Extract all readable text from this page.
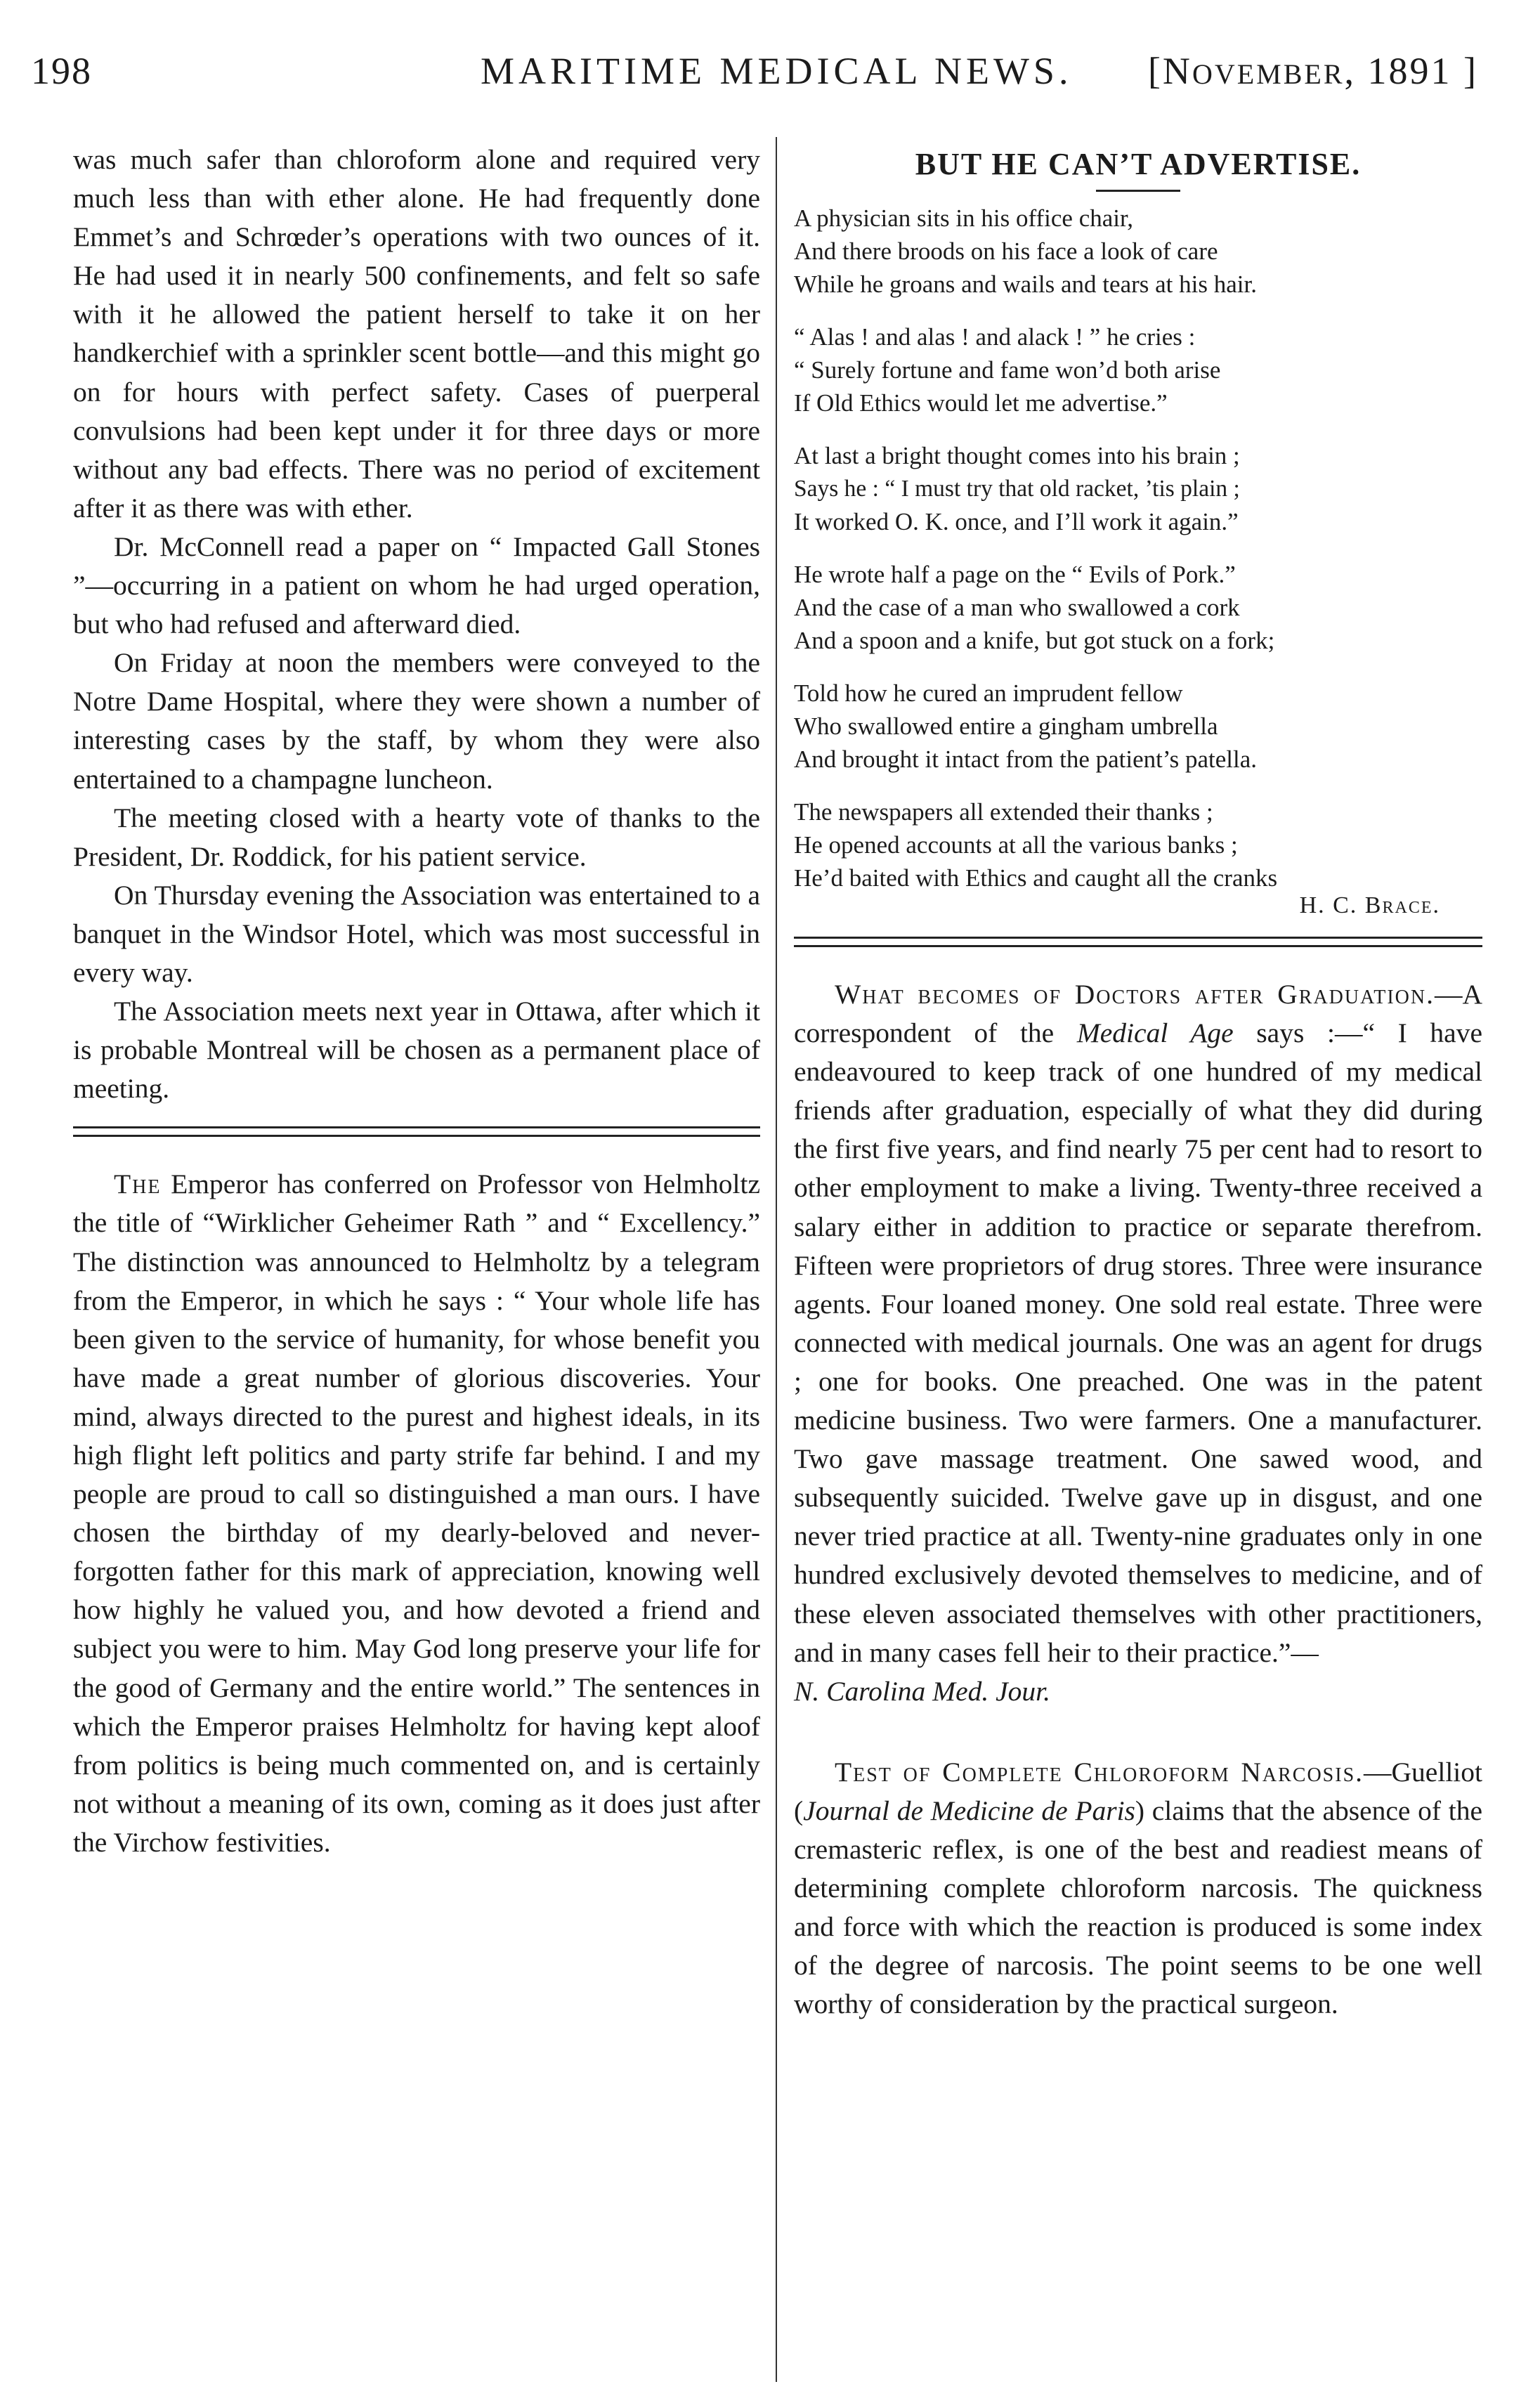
198	MARITIME MEDICAL NEWS. [NOVEMBER, 1891 ]

was much safer than chloroform alone and required very much less than with ether alone. He had frequently done Emmet’s and Schrœder’s operations with two ounces of it. He had used it in nearly 500 confinements, and felt so safe with it he allowed the patient herself to take it on her handkerchief with a sprinkler scent bottle—and this might go on for hours with perfect safety. Cases of puerperal convulsions had been kept under it for three days or more without any bad effects. There was no period of excitement after it as there was with ether.

Dr. McConnell read a paper on “ Impacted Gall Stones ”—occurring in a patient on whom he had urged operation, but who had refused and afterward died.

On Friday at noon the members were conveyed to the Notre Dame Hospital, where they were shown a number of interesting cases by the staff, by whom they were also entertained to a champagne luncheon.

The meeting closed with a hearty vote of thanks to the President, Dr. Roddick, for his patient service.

On Thursday evening the Association was entertained to a banquet in the Windsor Hotel, which was most successful in every way.

The Association meets next year in Ottawa, after which it is probable Montreal will be chosen as a permanent place of meeting.

The Emperor has conferred on Professor von Helmholtz the title of “Wirklicher Geheimer Rath ” and “ Excellency.” The distinction was announced to Helmholtz by a telegram from the Emperor, in which he says : “ Your whole life has been given to the service of humanity, for whose benefit you have made a great number of glorious discoveries. Your mind, always directed to the purest and highest ideals, in its high flight left politics and party strife far behind. I and my people are proud to call so distinguished a man ours. I have chosen the birthday of my dearly-beloved and never-forgotten father for this mark of appreciation, knowing well how highly he valued you, and how devoted a friend and subject you were to him. May God long preserve your life for the good of Germany and the entire world.” The sentences in which the Emperor praises Helmholtz for having kept aloof from politics is being much commented on, and is certainly not without a meaning of its own, coming as it does just after the Virchow festivities.

BUT HE CAN’T ADVERTISE.
A physician sits in his office chair,
And there broods on his face a look of care
While he groans and wails and tears at his hair.
“ Alas ! and alas ! and alack ! ” he cries :
“ Surely fortune and fame won’d both arise
If Old Ethics would let me advertise.”
At last a bright thought comes into his brain ;
Says he : “ I must try that old racket, ’tis plain ;
It worked O. K. once, and I’ll work it again.”
He wrote half a page on the “ Evils of Pork.”
And the case of a man who swallowed a cork
And a spoon and a knife, but got stuck on a fork;
Told how he cured an imprudent fellow
Who swallowed entire a gingham umbrella
And brought it intact from the patient’s patella.
The newspapers all extended their thanks ;
He opened accounts at all the various banks ;
He’d baited with Ethics and caught all the cranks
H. C. Brace.

What becomes of Doctors after Graduation.—A correspondent of the Medical Age says :—“ I have endeavoured to keep track of one hundred of my medical friends after graduation, especially of what they did during the first five years, and find nearly 75 per cent had to resort to other employment to make a living. Twenty-three received a salary either in addition to practice or separate therefrom. Fifteen were proprietors of drug stores. Three were insurance agents. Four loaned money. One sold real estate. Three were connected with medical journals. One was an agent for drugs ; one for books. One preached. One was in the patent medicine business. Two were farmers. One a manufacturer. Two gave massage treatment. One sawed wood, and subsequently suicided. Twelve gave up in disgust, and one never tried practice at all. Twenty-nine graduates only in one hundred exclusively devoted themselves to medicine, and of these eleven associated themselves with other practitioners, and in many cases fell heir to their practice.”—
N. Carolina Med. Jour.

Test of Complete Chloroform Narcosis.—Guelliot (Journal de Medicine de Paris) claims that the absence of the cremasteric reflex, is one of the best and readiest means of determining complete chloroform narcosis. The quickness and force with which the reaction is produced is some index of the degree of narcosis. The point seems to be one well worthy of consideration by the practical surgeon.
